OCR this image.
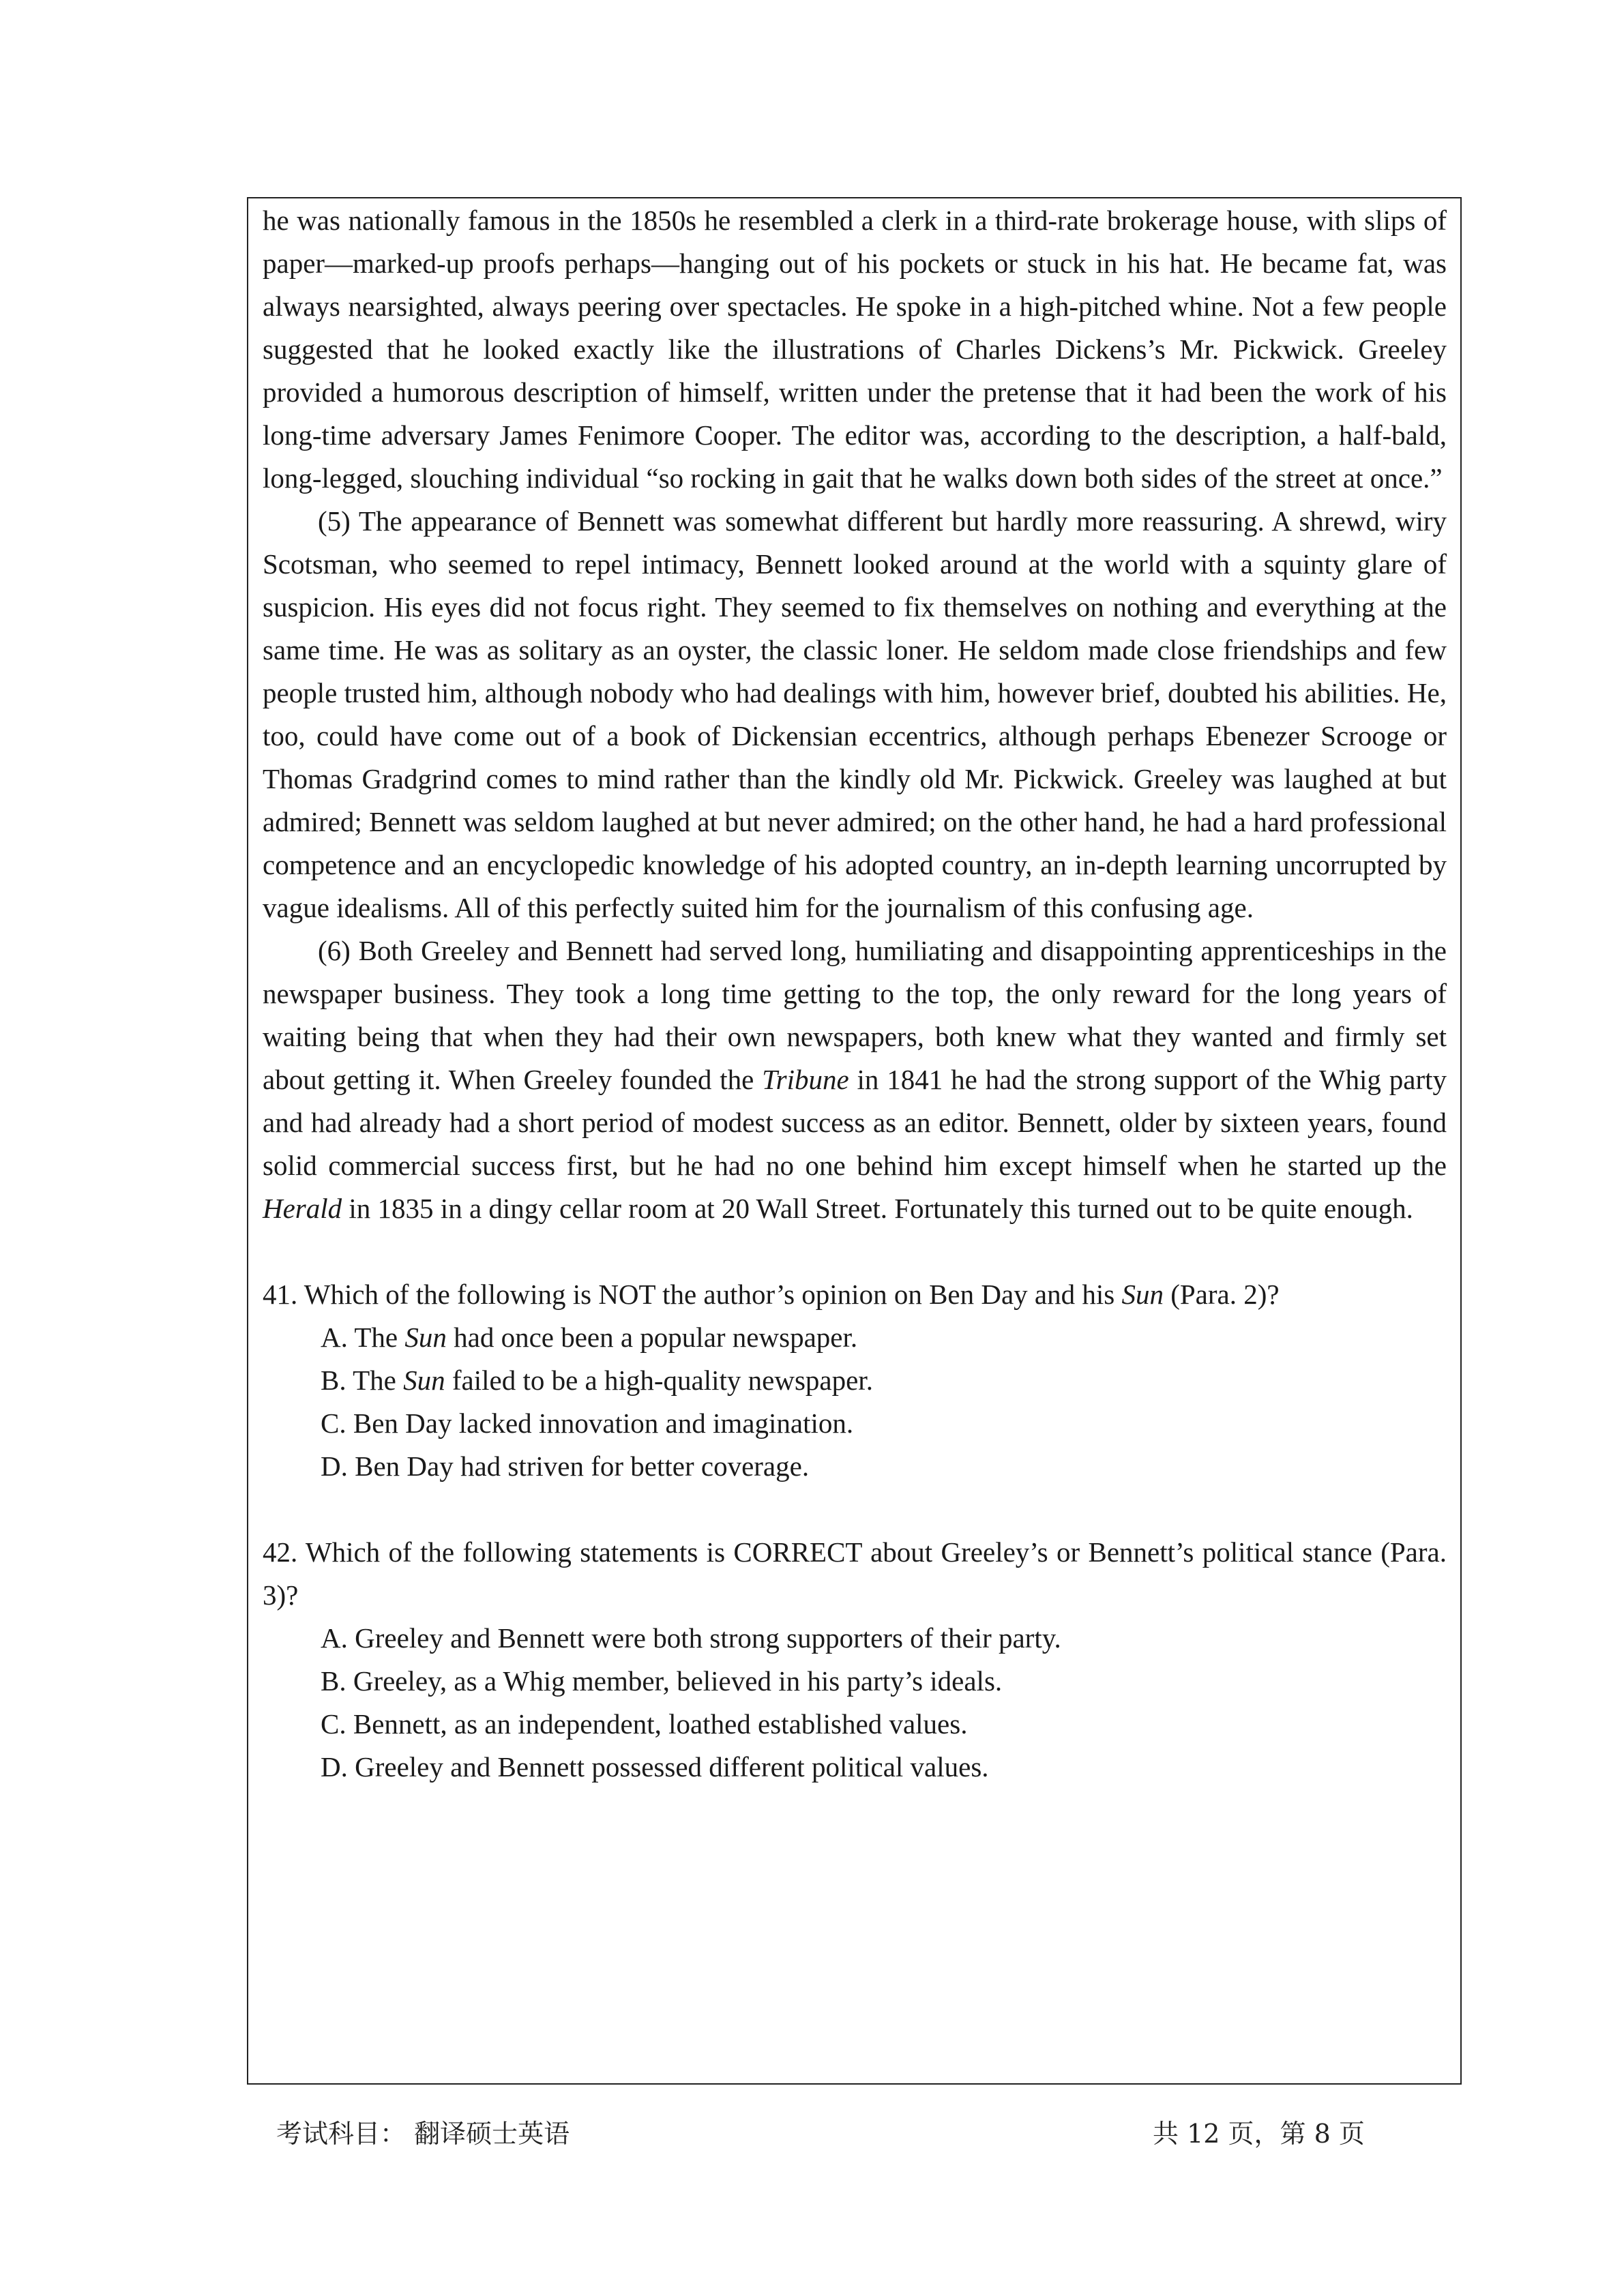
he was nationally famous in the 1850s he resembled a clerk in a third-rate brokerage house, with slips of paper—marked-up proofs perhaps—hanging out of his pockets or stuck in his hat. He became fat, was always nearsighted, always peering over spectacles. He spoke in a high-pitched whine. Not a few people suggested that he looked exactly like the illustrations of Charles Dickens’s Mr. Pickwick. Greeley provided a humorous description of himself, written under the pretense that it had been the work of his long-time adversary James Fenimore Cooper. The editor was, according to the description, a half-bald, long-legged, slouching individual “so rocking in gait that he walks down both sides of the street at once.”

(5) The appearance of Bennett was somewhat different but hardly more reassuring. A shrewd, wiry Scotsman, who seemed to repel intimacy, Bennett looked around at the world with a squinty glare of suspicion. His eyes did not focus right. They seemed to fix themselves on nothing and everything at the same time. He was as solitary as an oyster, the classic loner. He seldom made close friendships and few people trusted him, although nobody who had dealings with him, however brief, doubted his abilities. He, too, could have come out of a book of Dickensian eccentrics, although perhaps Ebenezer Scrooge or Thomas Gradgrind comes to mind rather than the kindly old Mr. Pickwick. Greeley was laughed at but admired; Bennett was seldom laughed at but never admired; on the other hand, he had a hard professional competence and an encyclopedic knowledge of his adopted country, an in-depth learning uncorrupted by vague idealisms. All of this perfectly suited him for the journalism of this confusing age.

(6) Both Greeley and Bennett had served long, humiliating and disappointing apprenticeships in the newspaper business. They took a long time getting to the top, the only reward for the long years of waiting being that when they had their own newspapers, both knew what they wanted and firmly set about getting it. When Greeley founded the Tribune in 1841 he had the strong support of the Whig party and had already had a short period of modest success as an editor. Bennett, older by sixteen years, found solid commercial success first, but he had no one behind him except himself when he started up the Herald in 1835 in a dingy cellar room at 20 Wall Street. Fortunately this turned out to be quite enough.

41. Which of the following is NOT the author’s opinion on Ben Day and his Sun (Para. 2)?

A. The Sun had once been a popular newspaper.

B. The Sun failed to be a high-quality newspaper.

C. Ben Day lacked innovation and imagination.

D. Ben Day had striven for better coverage.

42. Which of the following statements is CORRECT about Greeley’s or Bennett’s political stance (Para. 3)?

A. Greeley and Bennett were both strong supporters of their party.

B. Greeley, as a Whig member, believed in his party’s ideals.

C. Bennett, as an independent, loathed established values.

D. Greeley and Bennett possessed different political values.

考试科目： 翻译硕士英语	共 12 页，第 8 页
